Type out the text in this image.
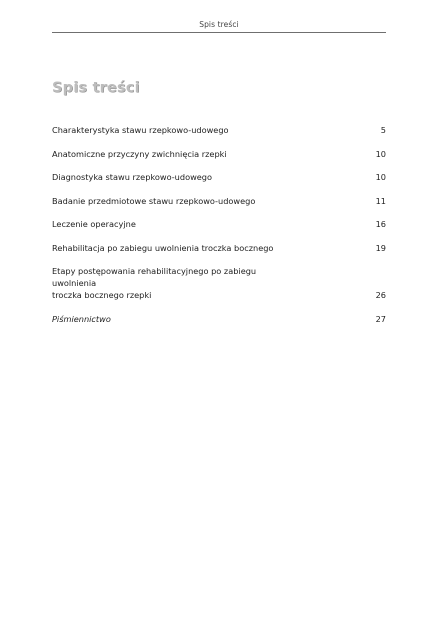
Spis treści
Spis treści
Charakterystyka stawu rzepkowo-udowego	5
Anatomiczne przyczyny zwichnięcia rzepki	10
Diagnostyka stawu rzepkowo-udowego	10
Badanie przedmiotowe stawu rzepkowo-udowego	11
Leczenie operacyjne	16
Rehabilitacja po zabiegu uwolnienia troczka bocznego	19
Etapy postępowania rehabilitacyjnego po zabiegu uwolnienia
troczka bocznego rzepki	26
Piśmiennictwo	27
